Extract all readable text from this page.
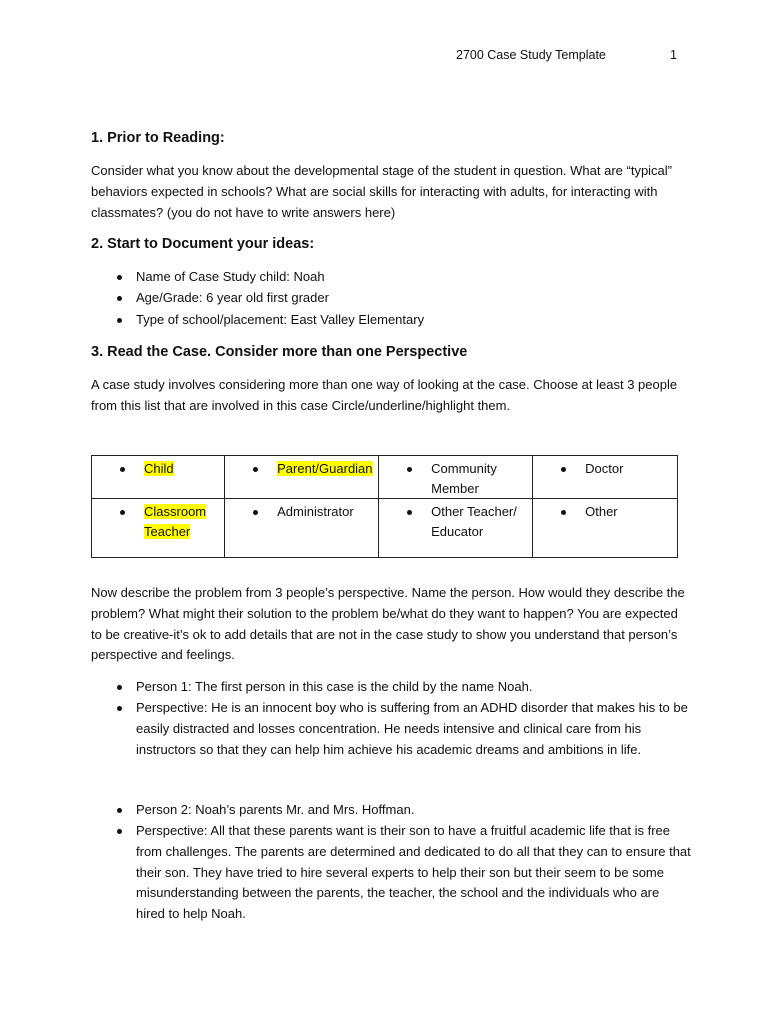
2700 Case Study Template	1
1. Prior to Reading:
Consider what you know about the developmental stage of the student in question. What are “typical” behaviors expected in schools? What are social skills for interacting with adults, for interacting with classmates? (you do not have to write answers here)
2. Start to Document your ideas:
Name of Case Study child: Noah
Age/Grade: 6 year old first grader
Type of school/placement: East Valley Elementary
3. Read the Case. Consider more than one Perspective
A case study involves considering more than one way of looking at the case. Choose at least 3 people from this list that are involved in this case Circle/underline/highlight them.
Child	Parent/Guardian	Community Member	Doctor

Classroom Teacher	Administrator	Other Teacher/Educator	Other
Now describe the problem from 3 people’s perspective. Name the person. How would they describe the problem? What might their solution to the problem be/what do they want to happen? You are expected to be creative-it’s ok to add details that are not in the case study to show you understand that person’s perspective and feelings.
Person 1: The first person in this case is the child by the name Noah.
Perspective: He is an innocent boy who is suffering from an ADHD disorder that makes his to be easily distracted and losses concentration. He needs intensive and clinical care from his instructors so that they can help him achieve his academic dreams and ambitions in life.
Person 2: Noah’s parents Mr. and Mrs. Hoffman.
Perspective: All that these parents want is their son to have a fruitful academic life that is free from challenges. The parents are determined and dedicated to do all that they can to ensure that their son. They have tried to hire several experts to help their son but their seem to be some misunderstanding between the parents, the teacher, the school and the individuals who are hired to help Noah.
